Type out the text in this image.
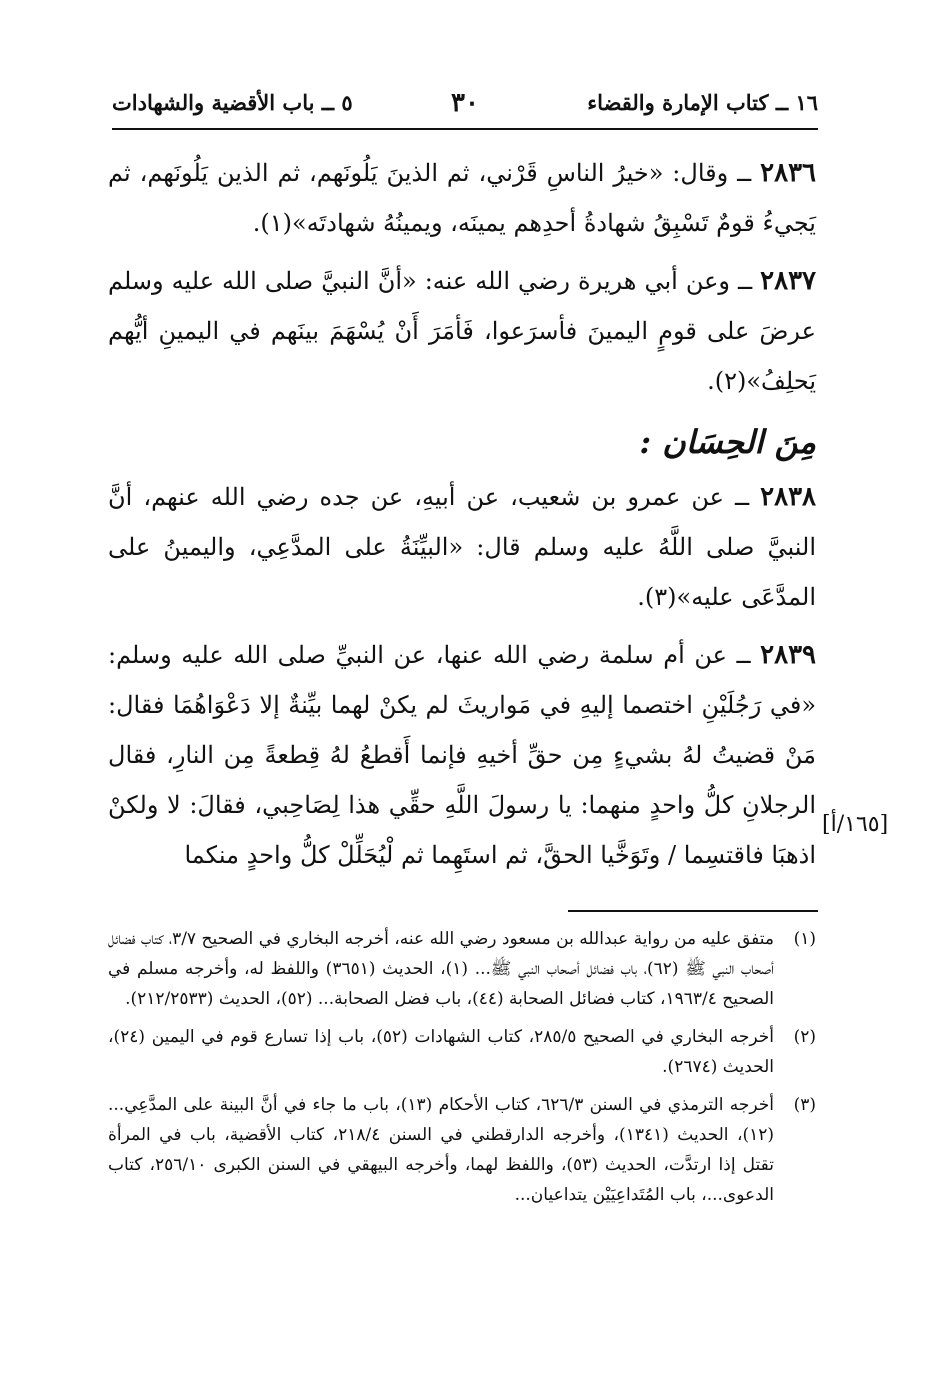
١٦ ــ كتاب الإمارة والقضاء
٣٠
٥ ــ باب الأقضية والشهادات

٢٨٣٦ ــ وقال: «خيرُ الناسِ قَرْني، ثم الذينَ يَلُونَهم، ثم الذين يَلُونَهم، ثم يَجيءُ قومٌ تَسْبِقُ شهادةُ أحدِهم يمينَه، ويمينُهُ شهادتَه»(١).

٢٨٣٧ ــ وعن أبي هريرة رضي الله عنه: «أنَّ النبيَّ صلى الله عليه وسلم عرضَ على قومٍ اليمينَ فأسرَعوا، فَأمَرَ أَنْ يُسْهَمَ بينَهم في اليمينِ أيُّهم يَحلِفُ»(٢).

مِنَ الحِسَان :

٢٨٣٨ ــ عن عمرو بن شعيب، عن أبيهِ، عن جده رضي الله عنهم، أنَّ النبيَّ صلى اللَّهُ عليه وسلم قال: «البيِّنَةُ على المدَّعِي، واليمينُ على المدَّعَى عليه»(٣).

٢٨٣٩ ــ عن أم سلمة رضي الله عنها، عن النبيِّ صلى الله عليه وسلم: «في رَجُلَيْنِ اختصما إليهِ في مَواريثَ لم يكنْ لهما بيِّنةٌ إلا دَعْوَاهُمَا فقال: مَنْ قضيتُ لهُ بشيءٍ مِن حقِّ أخيهِ فإنما أَقطعُ لهُ قِطعةً مِن النارِ، فقال الرجلانِ كلُّ واحدٍ منهما: يا رسولَ اللَّهِ حقِّي هذا لِصَاحِبي، فقالَ: لا ولكنْ اذهبَا فاقتسِما / وتَوَخَّيا الحقَّ، ثم استَهِما ثم لْيُحَلِّلْ كلُّ واحدٍ منكما

[١٦٥/أ]
(١)
متفق عليه من رواية عبدالله بن مسعود رضي الله عنه، أخرجه البخاري في الصحيح ٣/٧، كتاب فضائل أصحاب النبي ﷺ (٦٢)، باب فضائل أصحاب النبي ﷺ... (١)، الحديث (٣٦٥١) واللفظ له، وأخرجه مسلم في الصحيح ١٩٦٣/٤، كتاب فضائل الصحابة (٤٤)، باب فضل الصحابة... (٥٢)، الحديث (٢١٢/٢٥٣٣).
(٢)
أخرجه البخاري في الصحيح ٢٨٥/٥، كتاب الشهادات (٥٢)، باب إذا تسارع قوم في اليمين (٢٤)، الحديث (٢٦٧٤).
(٣)
أخرجه الترمذي في السنن ٦٢٦/٣، كتاب الأحكام (١٣)، باب ما جاء في أنَّ البينة على المدَّعِي... (١٢)، الحديث (١٣٤١)، وأخرجه الدارقطني في السنن ٢١٨/٤، كتاب الأقضية، باب في المرأة تقتل إذا ارتدَّت، الحديث (٥٣)، واللفظ لهما، وأخرجه البيهقي في السنن الكبرى ٢٥٦/١٠، كتاب الدعوى...، باب المُتَداعِيَيْن يتداعيان...
